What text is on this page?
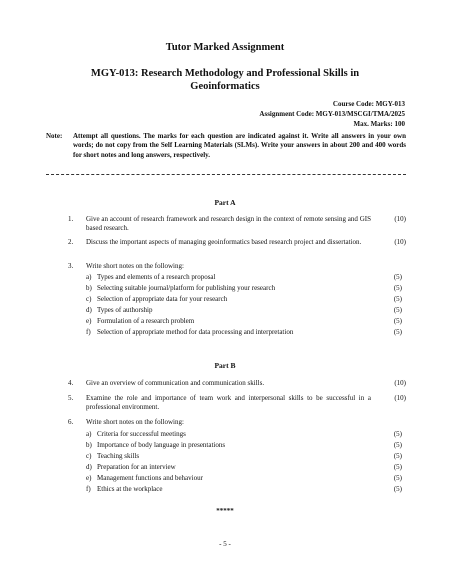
Tutor Marked Assignment
MGY-013: Research Methodology and Professional Skills in Geoinformatics
Course Code: MGY-013
Assignment Code: MGY-013/MSCGI/TMA/2025
Max. Marks: 100
Note: Attempt all questions. The marks for each question are indicated against it. Write all answers in your own words; do not copy from the Self Learning Materials (SLMs). Write your answers in about 200 and 400 words for short notes and long answers, respectively.
Part A
1. Give an account of research framework and research design in the context of remote sensing and GIS based research.
(10)
2. Discuss the important aspects of managing geoinformatics based research project and dissertation.	(10)
3. Write short notes on the following:
a) Types and elements of a research proposal	(5)
b) Selecting suitable journal/platform for publishing your research	(5)
c) Selection of appropriate data for your research	(5)
d) Types of authorship	(5)
e) Formulation of a research problem	(5)
f) Selection of appropriate method for data processing and interpretation	(5)
Part B
4. Give an overview of communication and communication skills.	(10)
5. Examine the role and importance of team work and interpersonal skills to be successful in a professional environment.
(10)
6. Write short notes on the following:
a) Criteria for successful meetings	(5)
b) Importance of body language in presentations	(5)
c) Teaching skills	(5)
d) Preparation for an interview	(5)
e) Management functions and behaviour	(5)
f) Ethics at the workplace	(5)
*****
- 5 -
